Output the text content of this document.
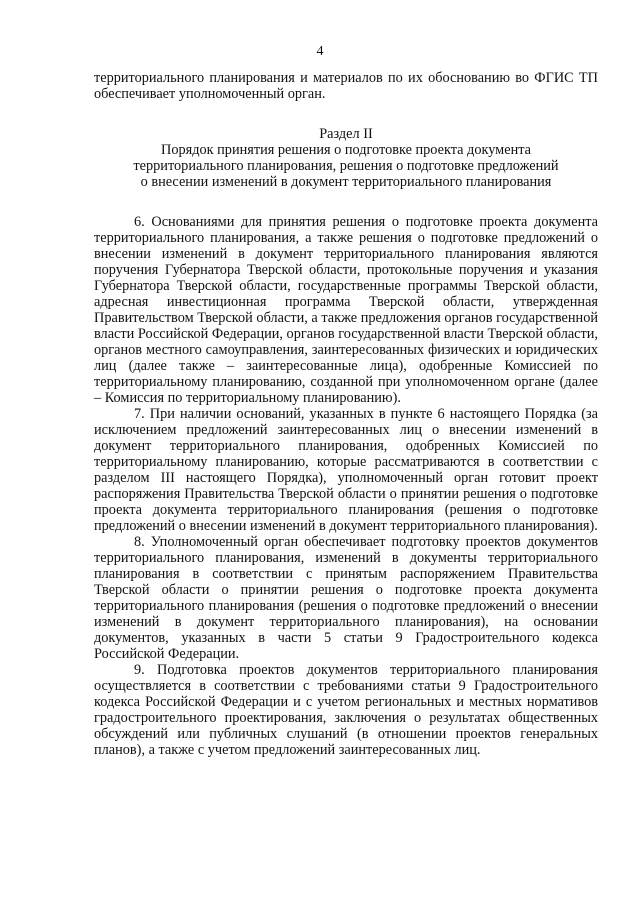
4

территориального планирования и материалов по их обоснованию во ФГИС ТП обеспечивает уполномоченный орган.

Раздел II
Порядок принятия решения о подготовке проекта документа
территориального планирования, решения о подготовке предложений
о внесении изменений в документ территориального планирования

6. Основаниями для принятия решения о подготовке проекта документа территориального планирования, а также решения о подготовке предложений о внесении изменений в документ территориального планирования являются поручения Губернатора Тверской области, протокольные поручения и указания Губернатора Тверской области, государственные программы Тверской области, адресная инвестиционная программа Тверской области, утвержденная Правительством Тверской области, а также предложения органов государственной власти Российской Федерации, органов государственной власти Тверской области, органов местного самоуправления, заинтересованных физических и юридических лиц (далее также – заинтересованные лица), одобренные Комиссией по территориальному планированию, созданной при уполномоченном органе (далее – Комиссия по территориальному планированию).

7. При наличии оснований, указанных в пункте 6 настоящего Порядка (за исключением предложений заинтересованных лиц о внесении изменений в документ территориального планирования, одобренных Комиссией по территориальному планированию, которые рассматриваются в соответствии с разделом III настоящего Порядка), уполномоченный орган готовит проект распоряжения Правительства Тверской области о принятии решения о подготовке проекта документа территориального планирования (решения о подготовке предложений о внесении изменений в документ территориального планирования).

8. Уполномоченный орган обеспечивает подготовку проектов документов территориального планирования, изменений в документы территориального планирования в соответствии с принятым распоряжением Правительства Тверской области о принятии решения о подготовке проекта документа территориального планирования (решения о подготовке предложений о внесении изменений в документ территориального планирования), на основании документов, указанных в части 5 статьи 9 Градостроительного кодекса Российской Федерации.

9. Подготовка проектов документов территориального планирования осуществляется в соответствии с требованиями статьи 9 Градостроительного кодекса Российской Федерации и с учетом региональных и местных нормативов градостроительного проектирования, заключения о результатах общественных обсуждений или публичных слушаний (в отношении проектов генеральных планов), а также с учетом предложений заинтересованных лиц.
